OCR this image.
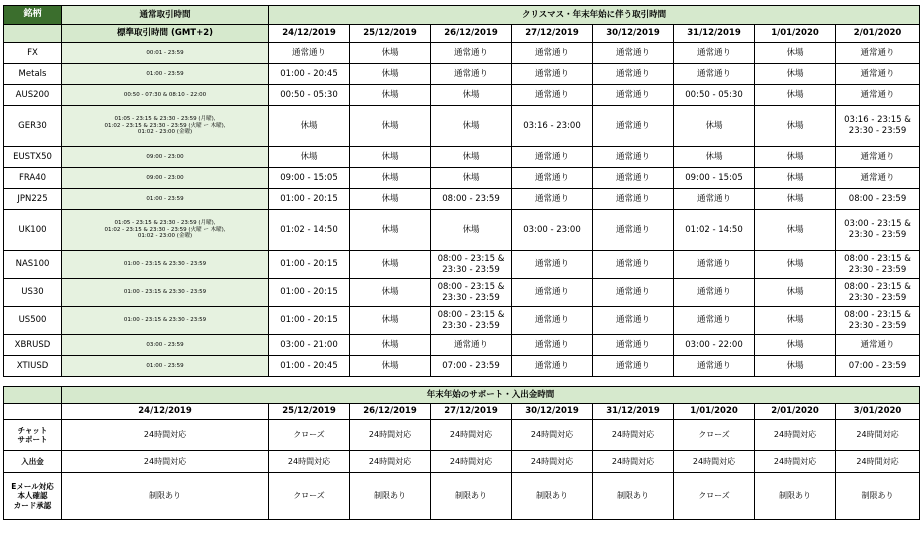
銘柄	通常取引時間	クリスマス・年末年始に伴う取引時間							
	標準取引時間 (GMT+2)	24/12/2019	25/12/2019	26/12/2019	27/12/2019	30/12/2019	31/12/2019	1/01/2020	2/01/2020
FX	00:01 - 23:59	通常通り	休場	通常通り	通常通り	通常通り	通常通り	休場	通常通り
Metals	01:00 - 23:59	01:00 - 20:45	休場	通常通り	通常通り	通常通り	通常通り	休場	通常通り
AUS200	00:50 - 07:30 & 08:10 - 22:00	00:50 - 05:30	休場	休場	通常通り	通常通り	00:50 - 05:30	休場	通常通り
GER30	01:05 - 23:15 & 23:30 - 23:59 (月曜),
01:02 - 23:15 & 23:30 - 23:59 (火曜 ー 木曜),
01:02 - 23:00 (金曜)	休場	休場	休場	03:16 - 23:00	通常通り	休場	休場	03:16 - 23:15 &
23:30 - 23:59
EUSTX50	09:00 - 23:00	休場	休場	休場	通常通り	通常通り	休場	休場	通常通り
FRA40	09:00 - 23:00	09:00 - 15:05	休場	休場	通常通り	通常通り	09:00 - 15:05	休場	通常通り
JPN225	01:00 - 23:59	01:00 - 20:15	休場	08:00 - 23:59	通常通り	通常通り	通常通り	休場	08:00 - 23:59
UK100	01:05 - 23:15 & 23:30 - 23:59 (月曜),
01:02 - 23:15 & 23:30 - 23:59 (火曜 ー 木曜),
01:02 - 23:00 (金曜)	01:02 - 14:50	休場	休場	03:00 - 23:00	通常通り	01:02 - 14:50	休場	03:00 - 23:15 &
23:30 - 23:59
NAS100	01:00 - 23:15 & 23:30 - 23:59	01:00 - 20:15	休場	08:00 - 23:15 &
23:30 - 23:59	通常通り	通常通り	通常通り	休場	08:00 - 23:15 &
23:30 - 23:59
US30	01:00 - 23:15 & 23:30 - 23:59	01:00 - 20:15	休場	08:00 - 23:15 &
23:30 - 23:59	通常通り	通常通り	通常通り	休場	08:00 - 23:15 &
23:30 - 23:59
US500	01:00 - 23:15 & 23:30 - 23:59	01:00 - 20:15	休場	08:00 - 23:15 &
23:30 - 23:59	通常通り	通常通り	通常通り	休場	08:00 - 23:15 &
23:30 - 23:59
XBRUSD	03:00 - 23:59	03:00 - 21:00	休場	通常通り	通常通り	通常通り	03:00 - 22:00	休場	通常通り
XTIUSD	01:00 - 23:59	01:00 - 20:45	休場	07:00 - 23:59	通常通り	通常通り	通常通り	休場	07:00 - 23:59
	年末年始のサポート・入出金時間								
	24/12/2019	25/12/2019	26/12/2019	27/12/2019	30/12/2019	31/12/2019	1/01/2020	2/01/2020	3/01/2020
チャット
サポート	24時間対応	クローズ	24時間対応	24時間対応	24時間対応	24時間対応	クローズ	24時間対応	24時間対応
入出金	24時間対応	24時間対応	24時間対応	24時間対応	24時間対応	24時間対応	24時間対応	24時間対応	24時間対応
Eメール対応
本人確認
カード承認	制限あり	クローズ	制限あり	制限あり	制限あり	制限あり	クローズ	制限あり	制限あり
